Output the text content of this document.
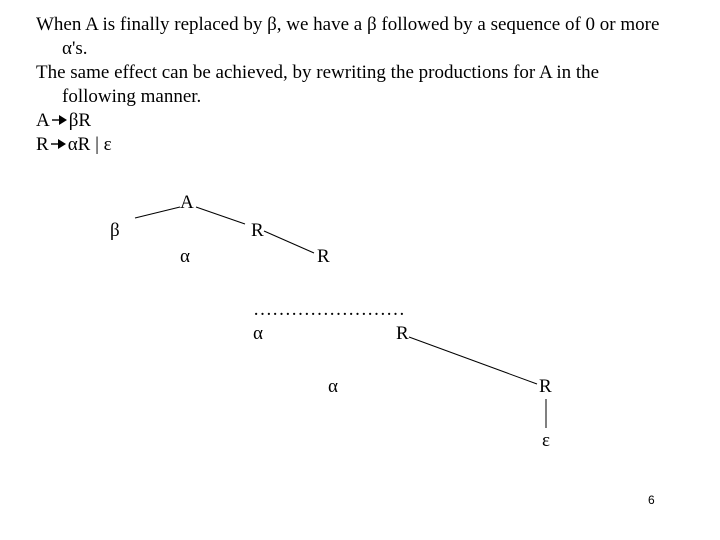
When A is finally replaced by β, we have a β followed by a sequence of 0 or more α's.

The same effect can be achieved, by rewriting the productions for A in the following manner.

A βR

R αR | ε

A
β	R
α	R
……………………
α	R
α	R
ε
6
